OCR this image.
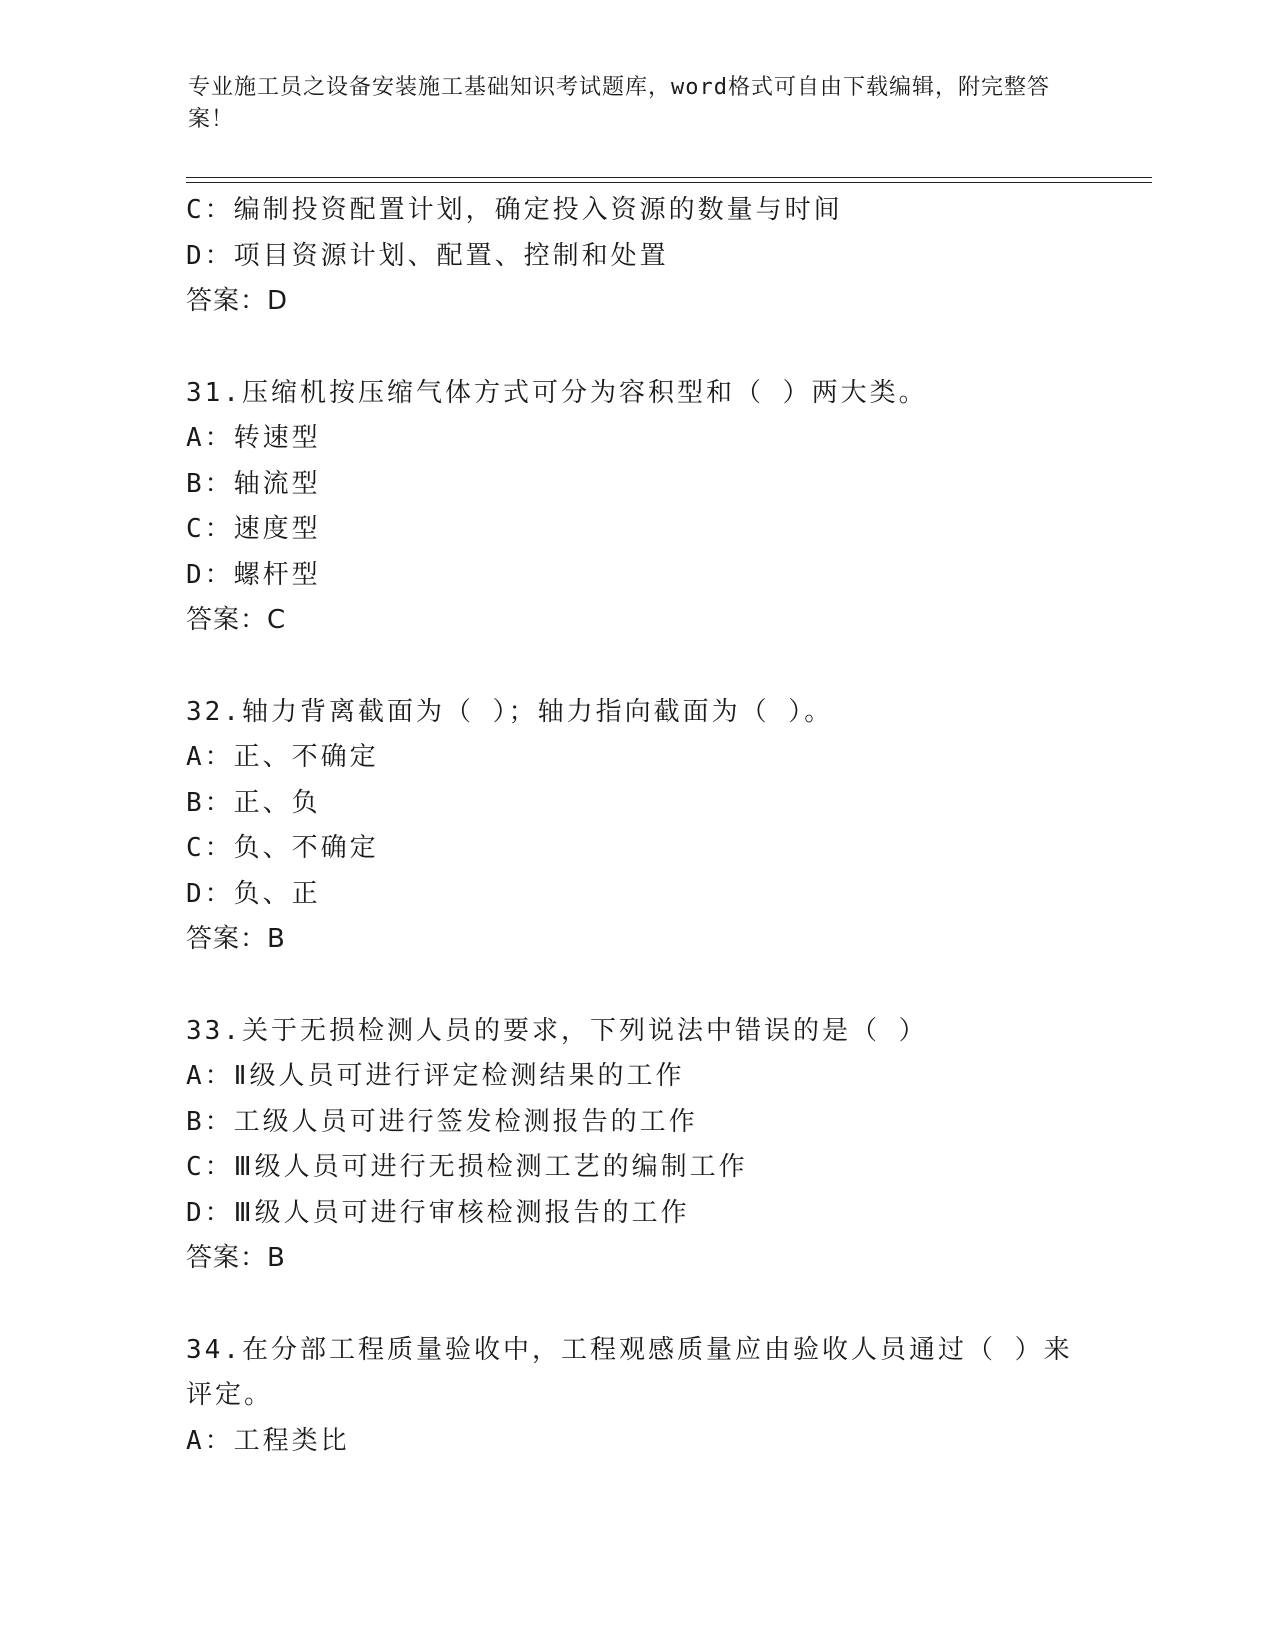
专业施工员之设备安装施工基础知识考试题库，word格式可自由下载编辑，附完整答案！
C：编制投资配置计划，确定投入资源的数量与时间
D：项目资源计划、配置、控制和处置
答案：D
31.压缩机按压缩气体方式可分为容积型和（ ）两大类。
A：转速型
B：轴流型
C：速度型
D：螺杆型
答案：C
32.轴力背离截面为（ ）；轴力指向截面为（ ）。
A：正、不确定
B：正、负
C：负、不确定
D：负、正
答案：B
33.关于无损检测人员的要求，下列说法中错误的是（ ）
A：Ⅱ级人员可进行评定检测结果的工作
B：工级人员可进行签发检测报告的工作
C：Ⅲ级人员可进行无损检测工艺的编制工作
D：Ⅲ级人员可进行审核检测报告的工作
答案：B
34.在分部工程质量验收中，工程观感质量应由验收人员通过（ ）来
评定。
A：工程类比
